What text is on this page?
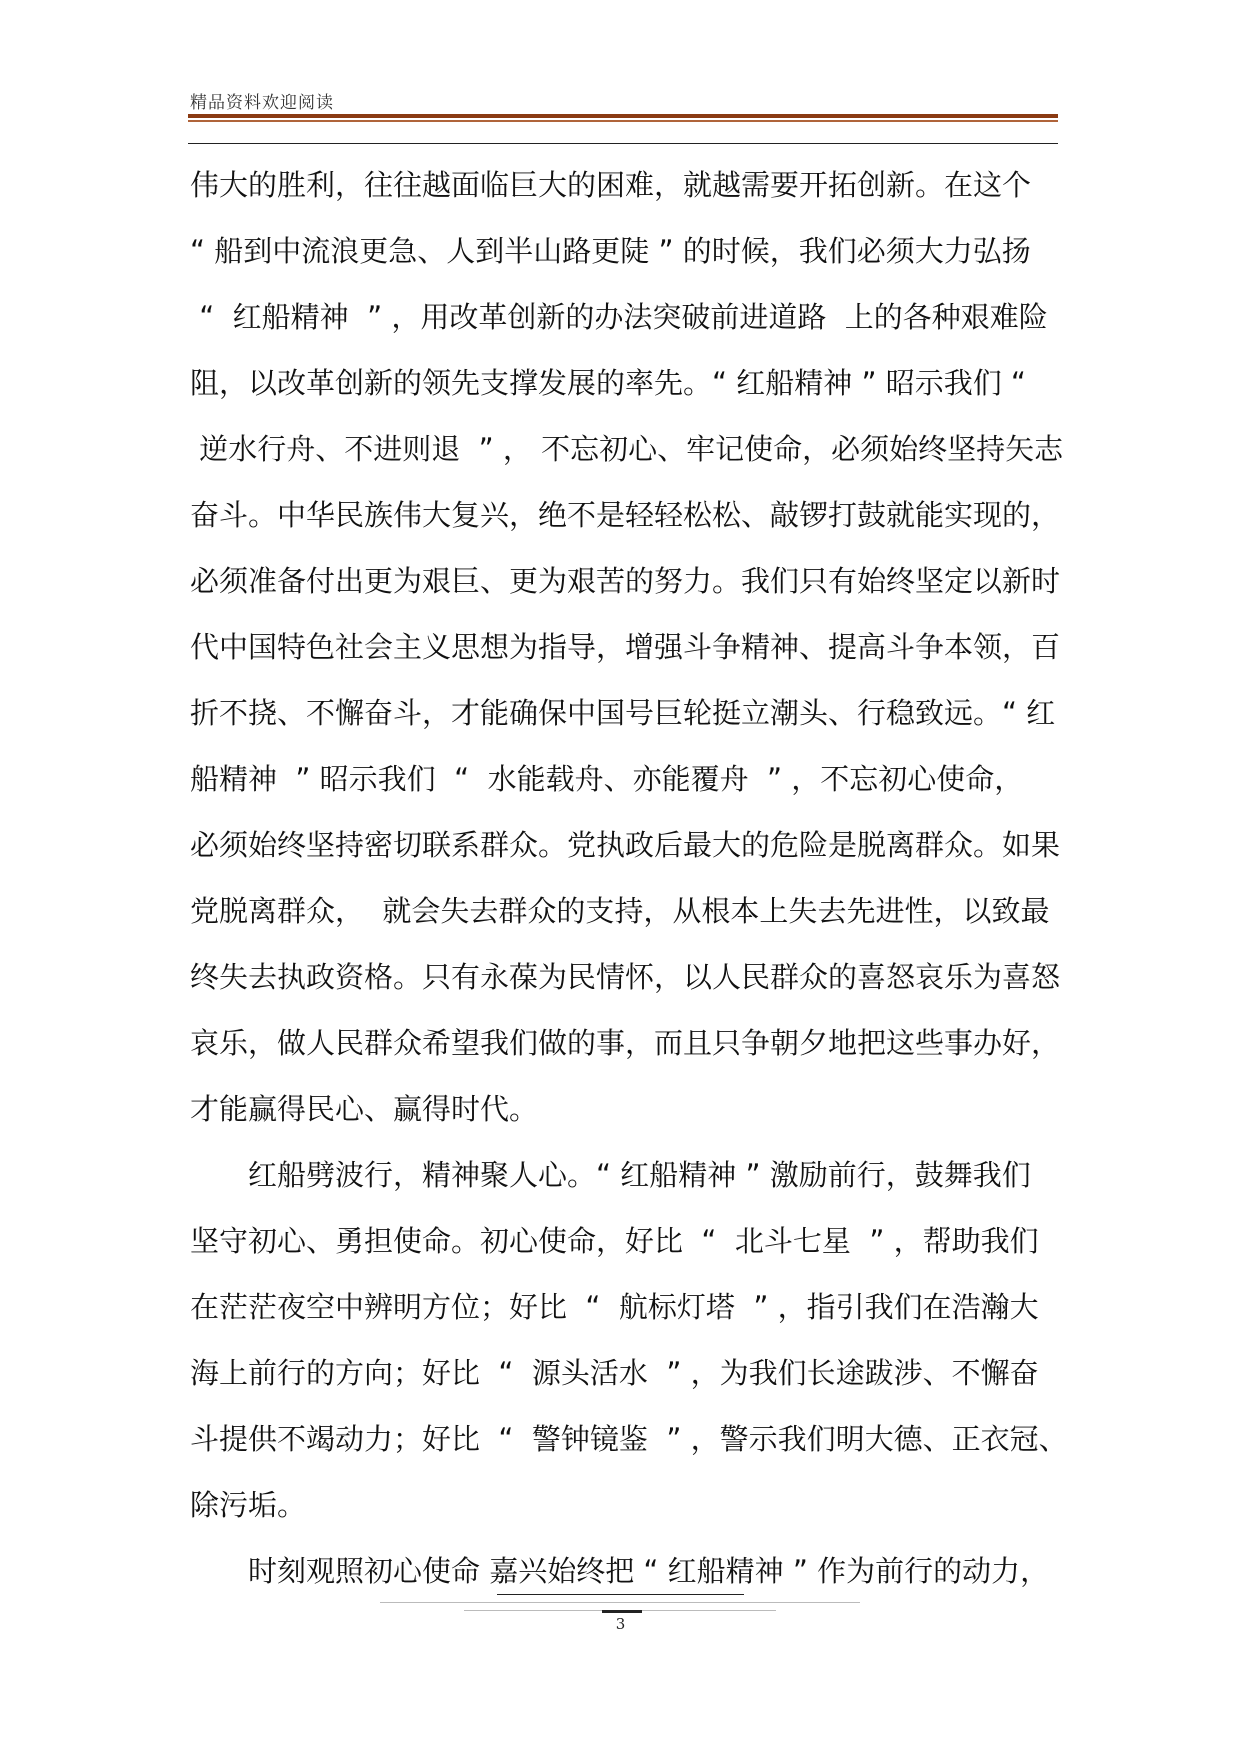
精品资料欢迎阅读
伟大的胜利，往往越面临巨大的困难，就越需要开拓创新。在这个
“ 船到中流浪更急、人到半山路更陡 ” 的时候，我们必须大力弘扬
“  红船精神  ” ，用改革创新的办法突破前进道路  上的各种艰难险
阻，以改革创新的领先支撑发展的率先。“ 红船精神 ” 昭示我们 “
逆水行舟、不进则退  ” ， 不忘初心、牢记使命，必须始终坚持矢志
奋斗。中华民族伟大复兴，绝不是轻轻松松、敲锣打鼓就能实现的，
必须准备付出更为艰巨、更为艰苦的努力。我们只有始终坚定以新时
代中国特色社会主义思想为指导，增强斗争精神、提高斗争本领，百
折不挠、不懈奋斗，才能确保中国号巨轮挺立潮头、行稳致远。“ 红
船精神  ” 昭示我们  “  水能载舟、亦能覆舟  ” ，不忘初心使命，
必须始终坚持密切联系群众。党执政后最大的危险是脱离群众。如果
党脱离群众，  就会失去群众的支持，从根本上失去先进性，以致最
终失去执政资格。只有永葆为民情怀，以人民群众的喜怒哀乐为喜怒
哀乐，做人民群众希望我们做的事，而且只争朝夕地把这些事办好，
才能赢得民心、赢得时代。
红船劈波行，精神聚人心。“ 红船精神 ” 激励前行，鼓舞我们
坚守初心、勇担使命。初心使命，好比  “  北斗七星  ” ，帮助我们
在茫茫夜空中辨明方位；好比  “  航标灯塔  ” ，指引我们在浩瀚大
海上前行的方向；好比  “  源头活水  ” ，为我们长途跋涉、不懈奋
斗提供不竭动力；好比  “  警钟镜鉴  ” ，警示我们明大德、正衣冠、
除污垢。
时刻观照初心使命 嘉兴始终把 “ 红船精神 ” 作为前行的动力，
3
